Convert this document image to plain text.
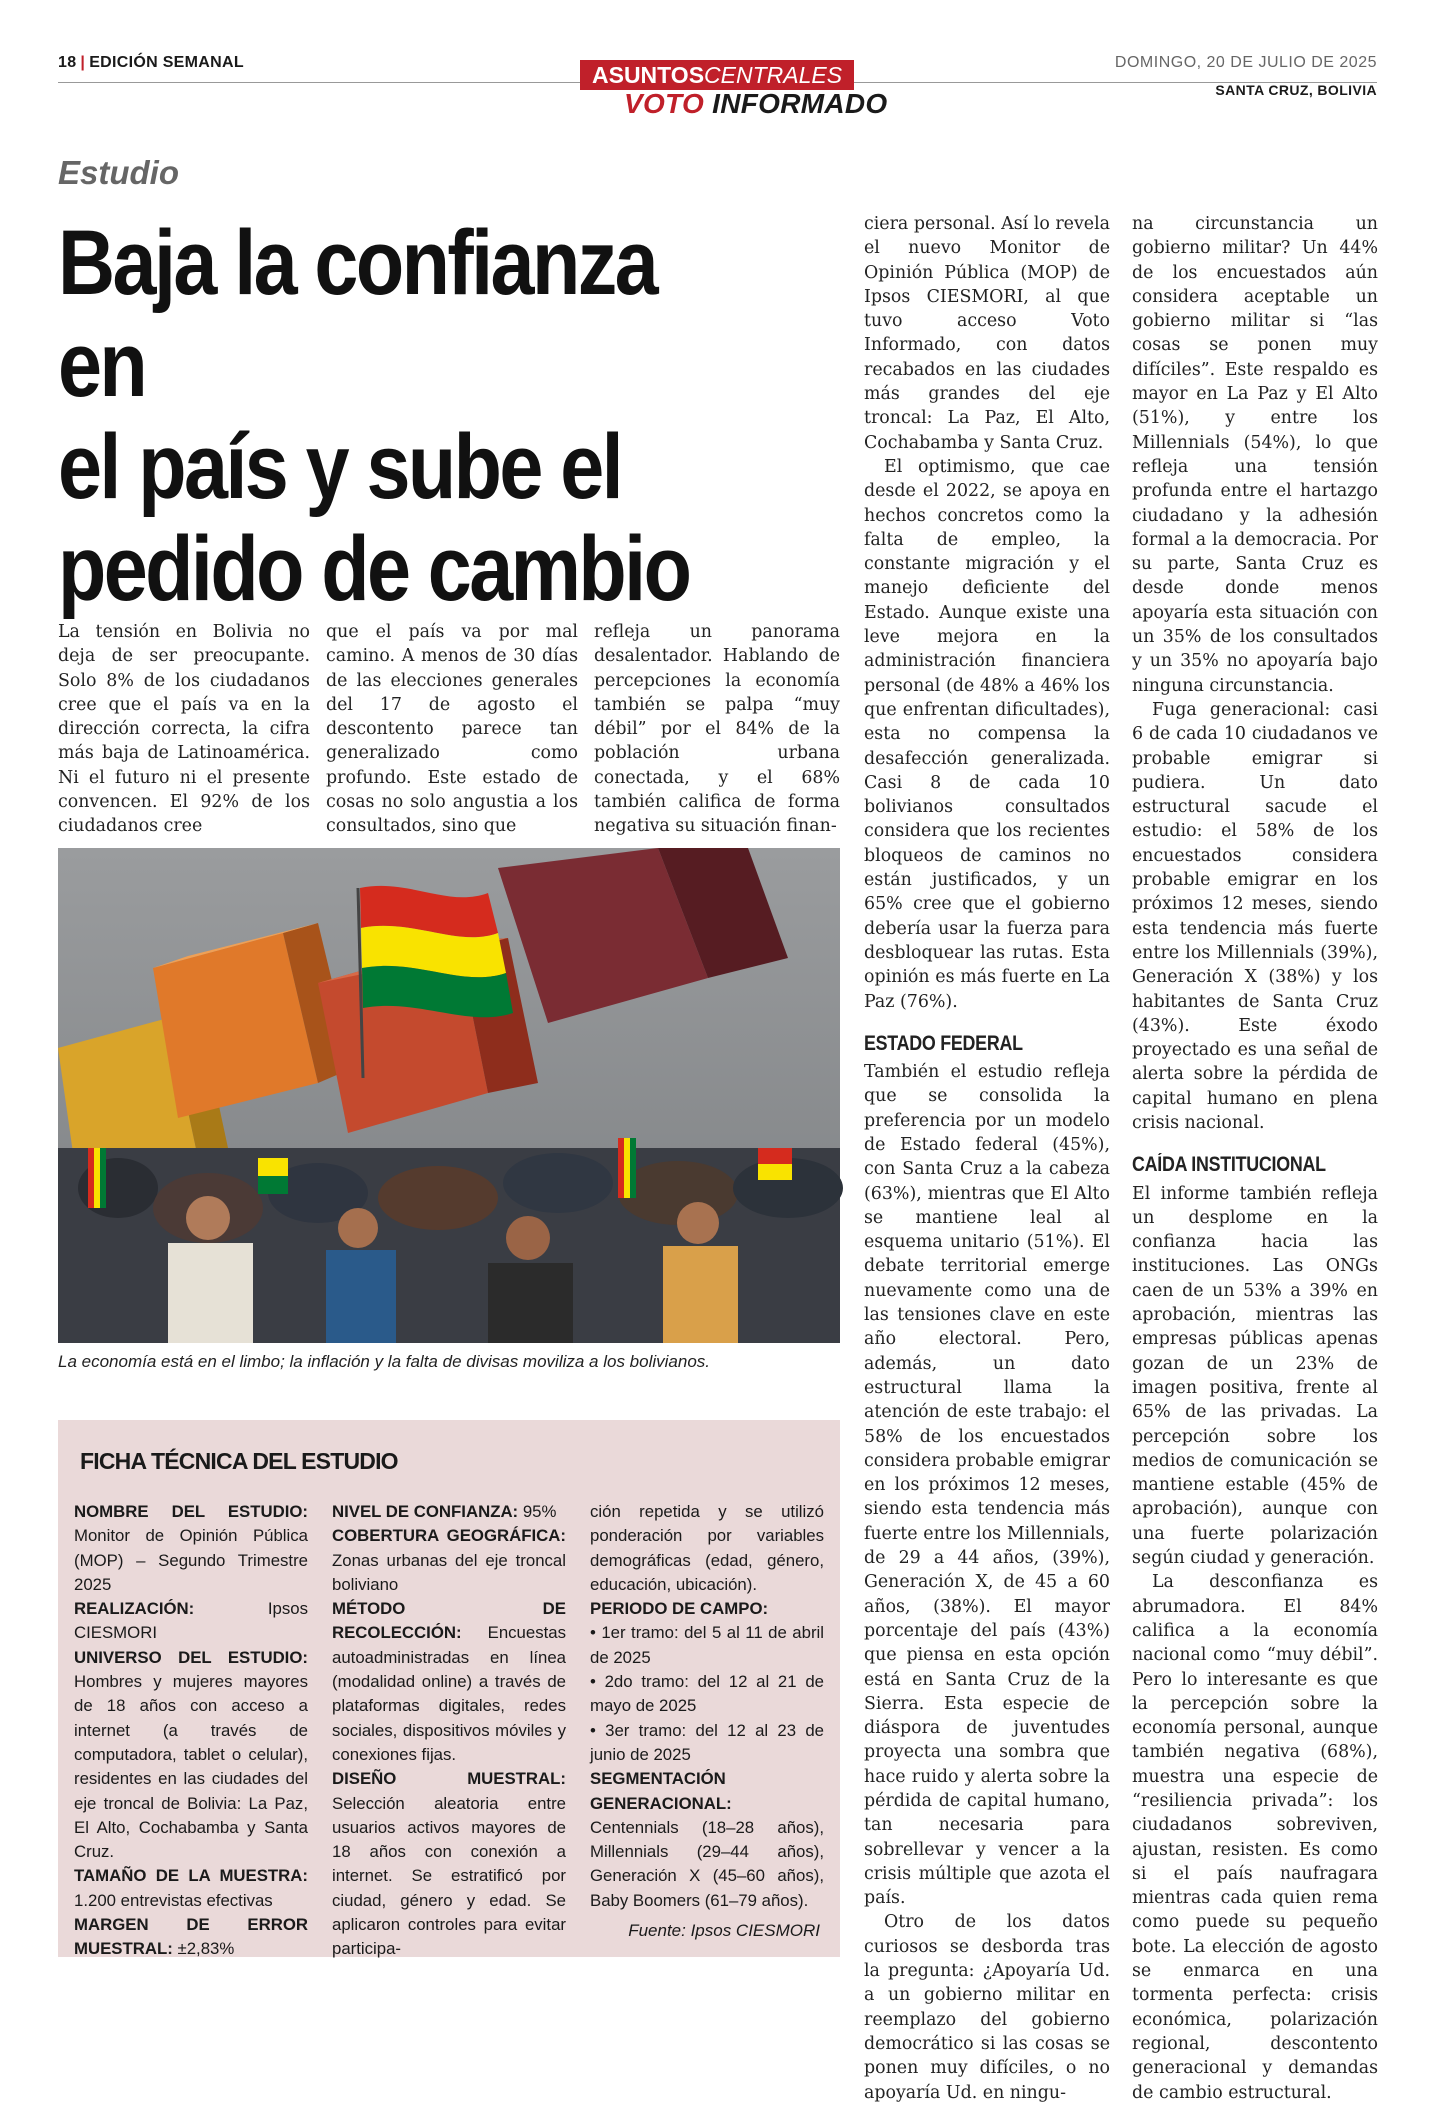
18 | EDICIÓN SEMANAL	ASUNTOSCENTRALES
VOTO INFORMADO
DOMINGO, 20 DE JULIO DE 2025
SANTA CRUZ, BOLIVIA
Estudio
Baja la confianza en
el país y sube el
pedido de cambio

La tensión en Bolivia no deja de ser preocupante. Solo 8% de los ciudadanos cree que el país va en la dirección correcta, la cifra más baja de Latinoamérica. Ni el futuro ni el presente convencen. El 92% de los ciudadanos cree

que el país va por mal camino. A menos de 30 días de las elecciones generales del 17 de agosto el descontento parece tan generalizado como profundo. Este estado de cosas no solo angustia a los consultados, sino que

refleja un panorama desalentador. Hablando de percepciones la economía también se palpa “muy débil” por el 84% de la población urbana conectada, y el 68% también califica de forma negativa su situación finan-

ciera personal. Así lo revela el nuevo Monitor de Opinión Pública (MOP) de Ipsos CIESMORI, al que tuvo acceso Voto Informado, con datos recabados en las ciudades más grandes del eje troncal: La Paz, El Alto, Cochabamba y Santa Cruz.

El optimismo, que cae desde el 2022, se apoya en hechos concretos como la falta de empleo, la constante migración y el manejo deficiente del Estado. Aunque existe una leve mejora en la administración financiera personal (de 48% a 46% los que enfrentan dificultades), esta no compensa la desafección generalizada. Casi 8 de cada 10 bolivianos consultados considera que los recientes bloqueos de caminos no están justificados, y un 65% cree que el gobierno debería usar la fuerza para desbloquear las rutas. Esta opinión es más fuerte en La Paz (76%).

ESTADO FEDERAL

También el estudio refleja que se consolida la preferencia por un modelo de Estado federal (45%), con Santa Cruz a la cabeza (63%), mientras que El Alto se mantiene leal al esquema unitario (51%). El debate territorial emerge nuevamente como una de las tensiones clave en este año electoral. Pero, además, un dato estructural llama la atención de este trabajo: el 58% de los encuestados considera probable emigrar en los próximos 12 meses, siendo esta tendencia más fuerte entre los Millennials, de 29 a 44 años, (39%), Generación X, de 45 a 60 años, (38%). El mayor porcentaje del país (43%) que piensa en esta opción está en Santa Cruz de la Sierra. Esta especie de diáspora de juventudes proyecta una sombra que hace ruido y alerta sobre la pérdida de capital humano, tan necesaria para sobrellevar y vencer a la crisis múltiple que azota el país.

Otro de los datos curiosos se desborda tras la pregunta: ¿Apoyaría Ud. a un gobierno militar en reemplazo del gobierno democrático si las cosas se ponen muy difíciles, o no apoyaría Ud. en ningu-

na circunstancia un gobierno militar? Un 44% de los encuestados aún considera aceptable un gobierno militar si “las cosas se ponen muy difíciles”. Este respaldo es mayor en La Paz y El Alto (51%), y entre los Millennials (54%), lo que refleja una tensión profunda entre el hartazgo ciudadano y la adhesión formal a la democracia. Por su parte, Santa Cruz es desde donde menos apoyaría esta situación con un 35% de los consultados y un 35% no apoyaría bajo ninguna circunstancia.

Fuga generacional: casi 6 de cada 10 ciudadanos ve probable emigrar si pudiera. Un dato estructural sacude el estudio: el 58% de los encuestados considera probable emigrar en los próximos 12 meses, siendo esta tendencia más fuerte entre los Millennials (39%), Generación X (38%) y los habitantes de Santa Cruz (43%). Este éxodo proyectado es una señal de alerta sobre la pérdida de capital humano en plena crisis nacional.

CAÍDA INSTITUCIONAL

El informe también refleja un desplome en la confianza hacia las instituciones. Las ONGs caen de un 53% a 39% en aprobación, mientras las empresas públicas apenas gozan de un 23% de imagen positiva, frente al 65% de las privadas. La percepción sobre los medios de comunicación se mantiene estable (45% de aprobación), aunque con una fuerte polarización según ciudad y generación.

La desconfianza es abrumadora. El 84% califica a la economía nacional como “muy débil”. Pero lo interesante es que la percepción sobre la economía personal, aunque también negativa (68%), muestra una especie de “resiliencia privada”: los ciudadanos sobreviven, ajustan, resisten. Es como si el país naufragara mientras cada quien rema como puede su pequeño bote. La elección de agosto se enmarca en una tormenta perfecta: crisis económica, polarización regional, descontento generacional y demandas de cambio estructural.

La economía está en el limbo; la inflación y la falta de divisas moviliza a los bolivianos.
FICHA TÉCNICA DEL ESTUDIO
NOMBRE DEL ESTUDIO: Monitor de Opinión Pública (MOP) – Segundo Trimestre 2025
REALIZACIÓN:	Ipsos CIESMORI
UNIVERSO DEL ESTUDIO: Hombres y mujeres mayores de 18 años con acceso a internet (a través de computadora, tablet o celular), residentes en las ciudades del eje troncal de Bolivia: La Paz, El Alto, Cochabamba y Santa Cruz.
TAMAÑO DE LA MUESTRA: 1.200 entrevistas efectivas
MARGEN DE ERROR MUESTRAL: ±2,83%
NIVEL DE CONFIANZA: 95%
COBERTURA GEOGRÁFICA: Zonas urbanas del eje troncal boliviano
MÉTODO DE RECOLECCIÓN: Encuestas autoadministradas en línea (modalidad online) a través de plataformas digitales, redes sociales, dispositivos móviles y conexiones fijas.
DISEÑO MUESTRAL: Selección aleatoria entre usuarios activos mayores de 18 años con conexión a internet. Se estratificó por ciudad, género y edad. Se aplicaron controles para evitar participa-
ción repetida y se utilizó ponderación por variables demográficas (edad, género, educación, ubicación).
PERIODO DE CAMPO:
• 1er tramo: del 5 al 11 de abril de 2025
• 2do tramo: del 12 al 21 de mayo de 2025
• 3er tramo: del 12 al 23 de junio de 2025
SEGMENTACIÓN GENERACIONAL: Centennials (18–28 años), Millennials (29–44 años), Generación X (45–60 años), Baby Boomers (61–79 años).
Fuente: Ipsos CIESMORI
